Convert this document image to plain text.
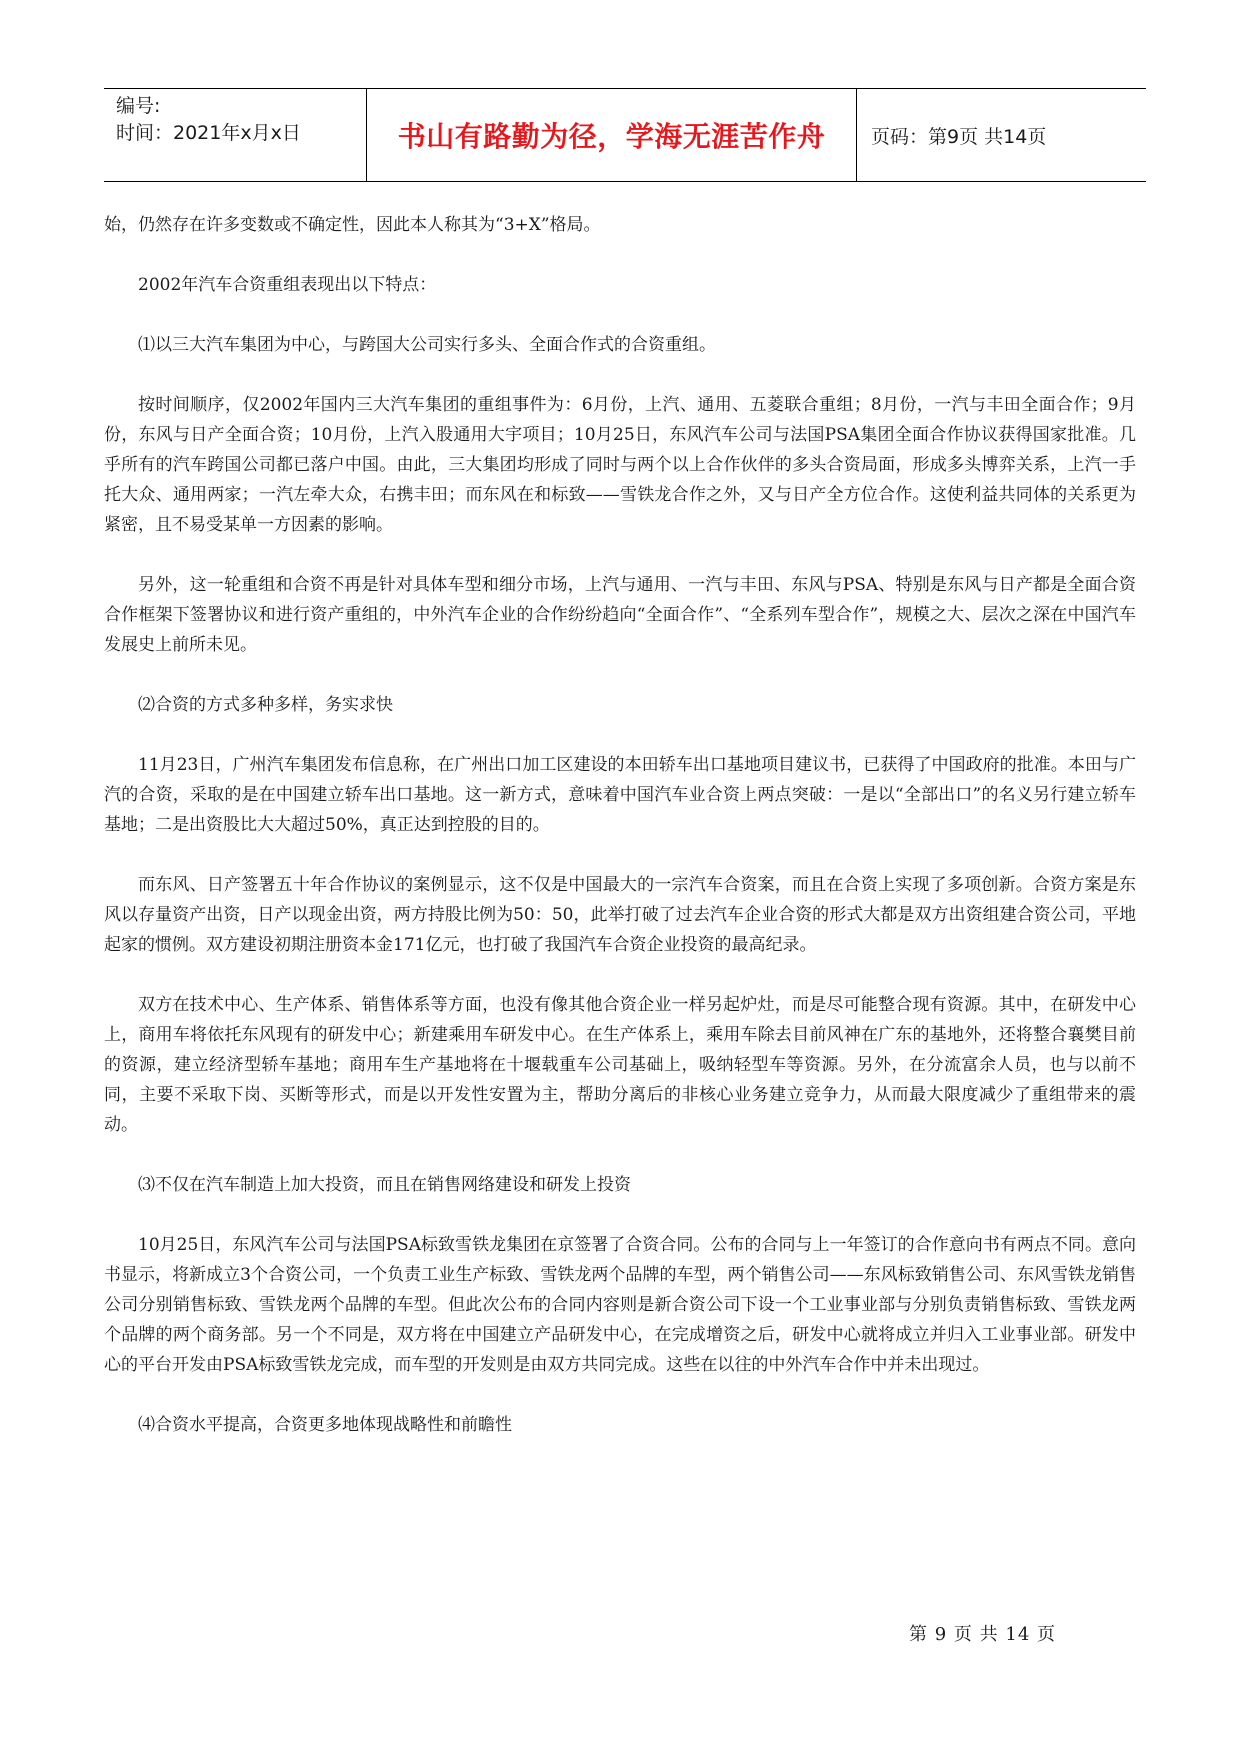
编号:
时间：2021年x月x日	书山有路勤为径，学海无涯苦作舟	页码：第9页 共14页

始，仍然存在许多变数或不确定性，因此本人称其为“3+X”格局。

2002年汽车合资重组表现出以下特点：

⑴以三大汽车集团为中心，与跨国大公司实行多头、全面合作式的合资重组。

按时间顺序，仅2002年国内三大汽车集团的重组事件为：6月份，上汽、通用、五菱联合重组；8月份，一汽与丰田全面合作；9月份，东风与日产全面合资；10月份，上汽入股通用大宇项目；10月25日，东风汽车公司与法国PSA集团全面合作协议获得国家批准。几乎所有的汽车跨国公司都已落户中国。由此，三大集团均形成了同时与两个以上合作伙伴的多头合资局面，形成多头博弈关系，上汽一手托大众、通用两家；一汽左牵大众，右携丰田；而东风在和标致——雪铁龙合作之外，又与日产全方位合作。这使利益共同体的关系更为紧密，且不易受某单一方因素的影响。

另外，这一轮重组和合资不再是针对具体车型和细分市场，上汽与通用、一汽与丰田、东风与PSA、特别是东风与日产都是全面合资合作框架下签署协议和进行资产重组的，中外汽车企业的合作纷纷趋向“全面合作”、“全系列车型合作”，规模之大、层次之深在中国汽车发展史上前所未见。

⑵合资的方式多种多样，务实求快

11月23日，广州汽车集团发布信息称，在广州出口加工区建设的本田轿车出口基地项目建议书，已获得了中国政府的批准。本田与广汽的合资，采取的是在中国建立轿车出口基地。这一新方式，意味着中国汽车业合资上两点突破：一是以“全部出口”的名义另行建立轿车基地；二是出资股比大大超过50%，真正达到控股的目的。

而东风、日产签署五十年合作协议的案例显示，这不仅是中国最大的一宗汽车合资案，而且在合资上实现了多项创新。合资方案是东风以存量资产出资，日产以现金出资，两方持股比例为50：50，此举打破了过去汽车企业合资的形式大都是双方出资组建合资公司，平地起家的惯例。双方建设初期注册资本金171亿元，也打破了我国汽车合资企业投资的最高纪录。

双方在技术中心、生产体系、销售体系等方面，也没有像其他合资企业一样另起炉灶，而是尽可能整合现有资源。其中，在研发中心上，商用车将依托东风现有的研发中心；新建乘用车研发中心。在生产体系上，乘用车除去目前风神在广东的基地外，还将整合襄樊目前的资源，建立经济型轿车基地；商用车生产基地将在十堰载重车公司基础上，吸纳轻型车等资源。另外，在分流富余人员，也与以前不同，主要不采取下岗、买断等形式，而是以开发性安置为主，帮助分离后的非核心业务建立竞争力，从而最大限度减少了重组带来的震动。

⑶不仅在汽车制造上加大投资，而且在销售网络建设和研发上投资

10月25日，东风汽车公司与法国PSA标致雪铁龙集团在京签署了合资合同。公布的合同与上一年签订的合作意向书有两点不同。意向书显示，将新成立3个合资公司，一个负责工业生产标致、雪铁龙两个品牌的车型，两个销售公司——东风标致销售公司、东风雪铁龙销售公司分别销售标致、雪铁龙两个品牌的车型。但此次公布的合同内容则是新合资公司下设一个工业事业部与分别负责销售标致、雪铁龙两个品牌的两个商务部。另一个不同是，双方将在中国建立产品研发中心，在完成增资之后，研发中心就将成立并归入工业事业部。研发中心的平台开发由PSA标致雪铁龙完成，而车型的开发则是由双方共同完成。这些在以往的中外汽车合作中并未出现过。

⑷合资水平提高，合资更多地体现战略性和前瞻性

第 9 页 共 14 页
